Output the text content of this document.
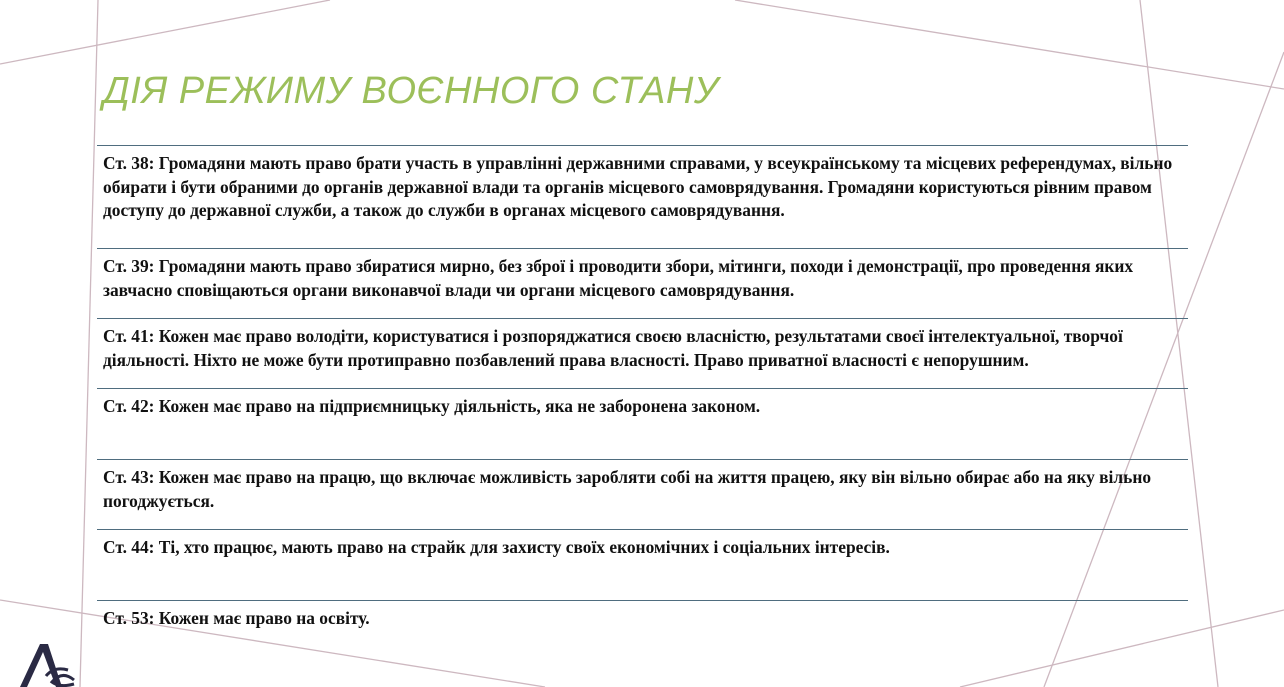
ДІЯ РЕЖИМУ ВОЄННОГО СТАНУ
Ст. 38: Громадяни мають право брати участь в управлінні державними справами, у всеукраїнському та місцевих референдумах, вільно обирати і бути обраними до органів державної влади та органів місцевого самоврядування. Громадяни користуються рівним правом доступу до державної служби, а також до служби в органах місцевого самоврядування.
Ст. 39: Громадяни мають право збиратися мирно, без зброї і проводити збори, мітинги, походи і демонстрації, про проведення яких завчасно сповіщаються органи виконавчої влади чи органи місцевого самоврядування.
Ст. 41: Кожен має право володіти, користуватися і розпоряджатися своєю власністю, результатами своєї інтелектуальної, творчої діяльності. Ніхто не може бути протиправно позбавлений права власності. Право приватної власності є непорушним.
Ст. 42: Кожен має право на підприємницьку діяльність, яка не заборонена законом.
Ст. 43: Кожен має право на працю, що включає можливість заробляти собі на життя працею, яку він вільно обирає або на яку вільно погоджується.
Ст. 44: Ті, хто працює, мають право на страйк для захисту своїх економічних і соціальних інтересів.
Ст. 53: Кожен має право на освіту.
